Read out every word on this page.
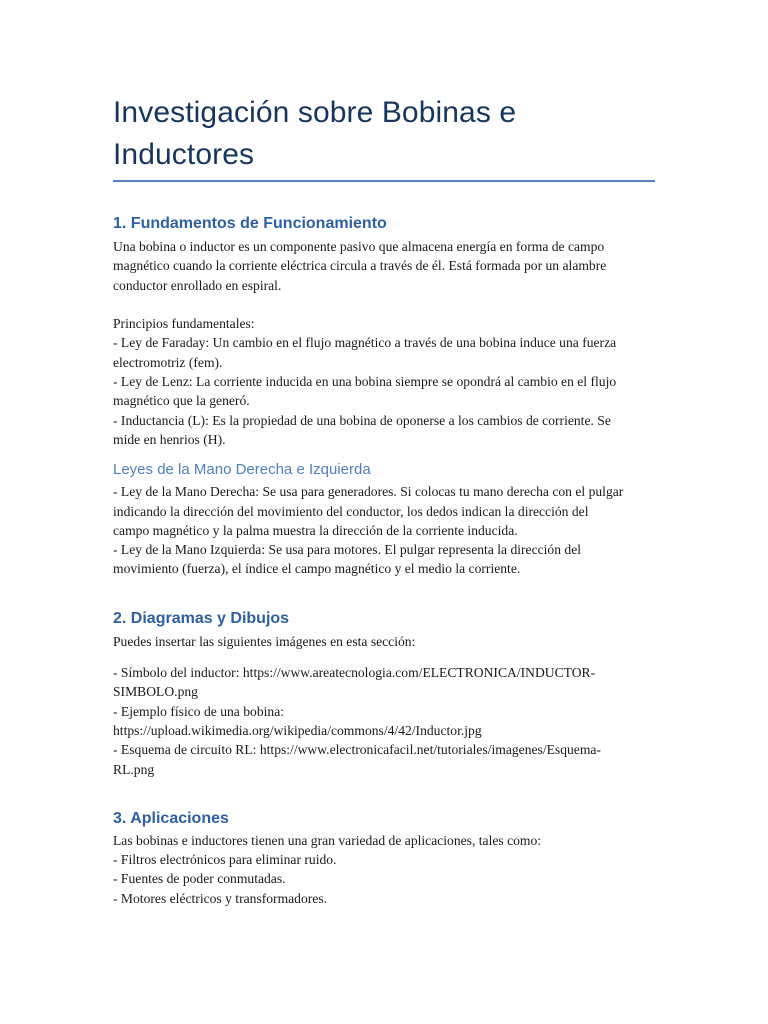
Investigación sobre Bobinas e
Inductores
1. Fundamentos de Funcionamiento

Una bobina o inductor es un componente pasivo que almacena energía en forma de campo
magnético cuando la corriente eléctrica circula a través de él. Está formada por un alambre
conductor enrollado en espiral.
Principios fundamentales:
- Ley de Faraday: Un cambio en el flujo magnético a través de una bobina induce una fuerza
electromotriz (fem).
- Ley de Lenz: La corriente inducida en una bobina siempre se opondrá al cambio en el flujo
magnético que la generó.
- Inductancia (L): Es la propiedad de una bobina de oponerse a los cambios de corriente. Se
mide en henrios (H).

Leyes de la Mano Derecha e Izquierda

- Ley de la Mano Derecha: Se usa para generadores. Si colocas tu mano derecha con el pulgar
indicando la dirección del movimiento del conductor, los dedos indican la dirección del
campo magnético y la palma muestra la dirección de la corriente inducida.
- Ley de la Mano Izquierda: Se usa para motores. El pulgar representa la dirección del
movimiento (fuerza), el índice el campo magnético y el medio la corriente.

2. Diagramas y Dibujos

Puedes insertar las siguientes imágenes en esta sección:

- Símbolo del inductor: https://www.areatecnologia.com/ELECTRONICA/INDUCTOR-
SIMBOLO.png
- Ejemplo físico de una bobina:
https://upload.wikimedia.org/wikipedia/commons/4/42/Inductor.jpg
- Esquema de circuito RL: https://www.electronicafacil.net/tutoriales/imagenes/Esquema-
RL.png

3. Aplicaciones

Las bobinas e inductores tienen una gran variedad de aplicaciones, tales como:
- Filtros electrónicos para eliminar ruido.
- Fuentes de poder conmutadas.
- Motores eléctricos y transformadores.
